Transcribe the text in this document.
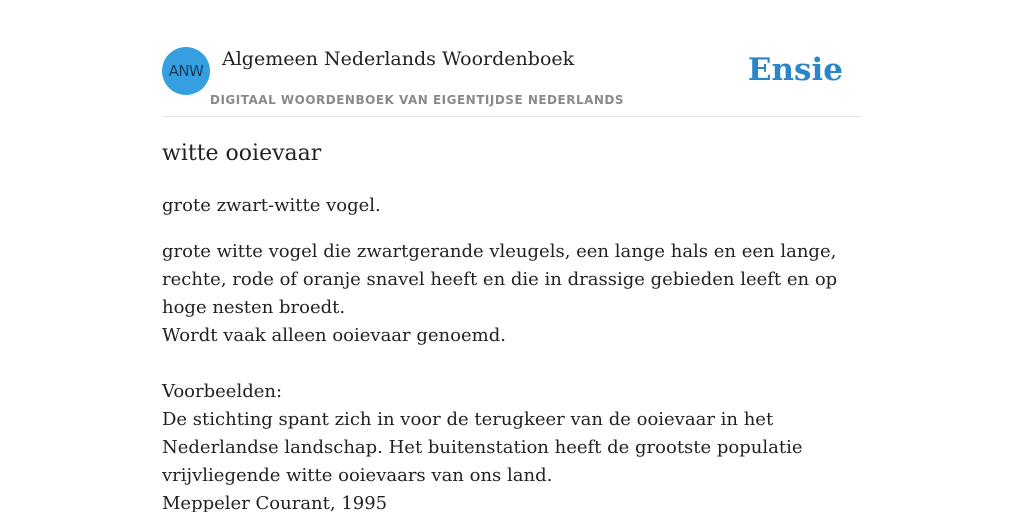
ANW
Algemeen Nederlands Woordenboek
DIGITAAL WOORDENBOEK VAN EIGENTIJDSE NEDERLANDS
Ensie
witte ooievaar

grote zwart-witte vogel.

grote witte vogel die zwartgerande vleugels, een lange hals en een lange, rechte, rode of oranje snavel heeft en die in drassige gebieden leeft en op hoge nesten broedt.
Wordt vaak alleen ooievaar genoemd.
Voorbeelden:
De stichting spant zich in voor de terugkeer van de ooievaar in het Nederlandse landschap. Het buitenstation heeft de grootste populatie vrijvliegende witte ooievaars van ons land.
Meppeler Courant, 1995
